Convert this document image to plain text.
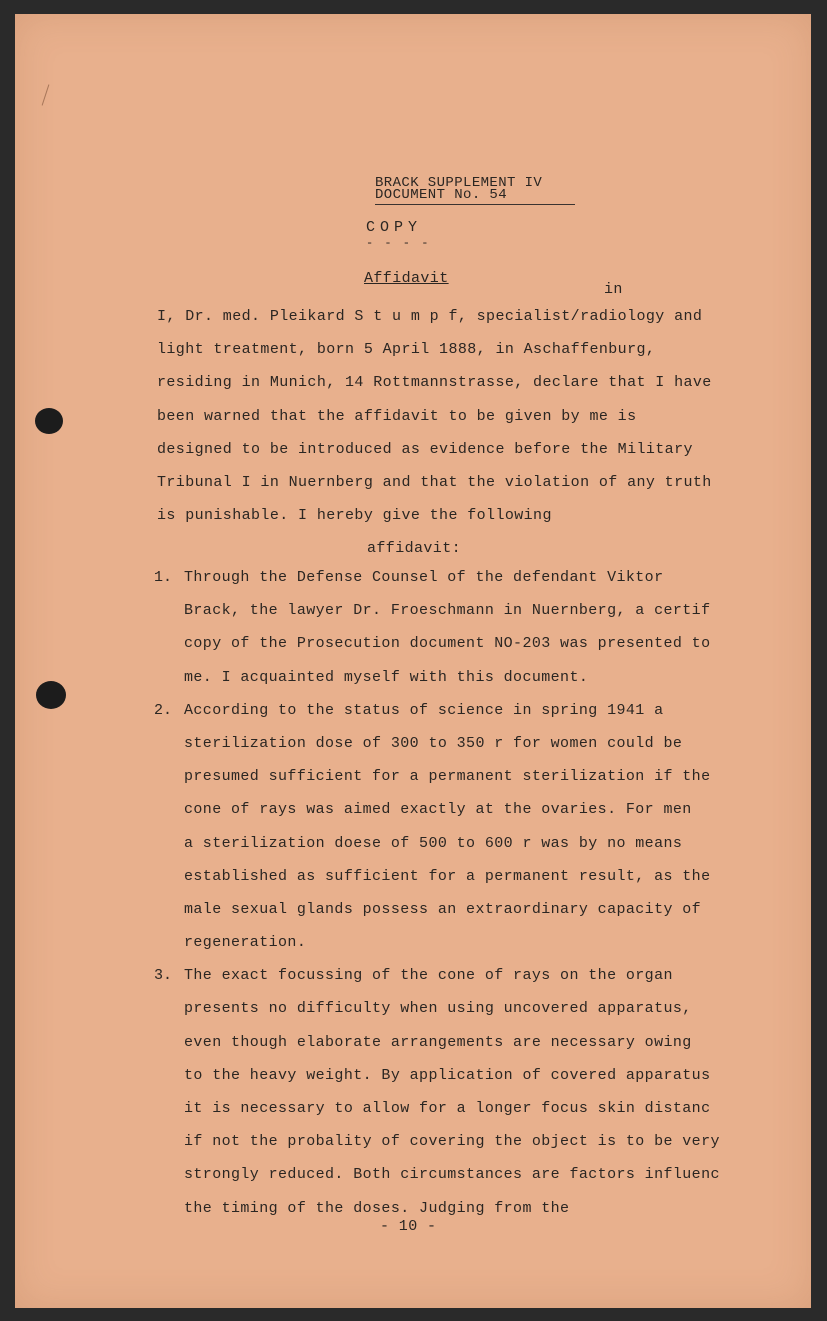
BRACK SUPPLEMENT IV
DOCUMENT No. 54
COPY
- - - -
Affidavit
in
I, Dr. med. Pleikard S t u m p f, specialist/radiology and
light treatment, born 5 April 1888, in Aschaffenburg,
residing in Munich, 14 Rottmannstrasse, declare that I have
been warned that the affidavit to be given by me is
designed to be introduced as evidence before the Military
Tribunal I in Nuernberg and that the violation of any truth
is punishable. I hereby give the following
affidavit:
1. Through the Defense Counsel of the defendant Viktor
Brack, the lawyer Dr. Froeschmann in Nuernberg, a certif
copy of the Prosecution document NO-203 was presented to
me. I acquainted myself with this document.
2. According to the status of science in spring 1941 a
sterilization dose of 300 to 350 r for women could be
presumed sufficient for a permanent sterilization if the
cone of rays was aimed exactly at the ovaries. For men
a sterilization doese of 500 to 600 r was by no means
established as sufficient for a permanent result, as the
male sexual glands possess an extraordinary capacity of
regeneration.
3. The exact focussing of the cone of rays on the organ
presents no difficulty when using uncovered apparatus,
even though elaborate arrangements are necessary owing
to the heavy weight. By application of covered apparatus
it is necessary to allow for a longer focus skin distanc
if not the probality of covering the object is to be very
strongly reduced. Both circumstances are factors influenc
the timing of the doses. Judging from the
- 10 -
